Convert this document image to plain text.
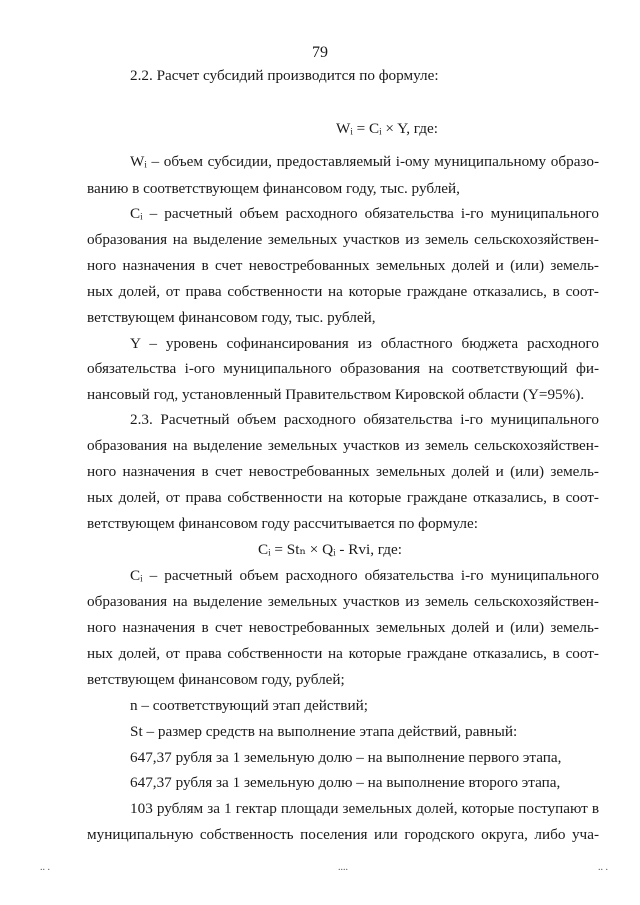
79
2.2. Расчет субсидий производится по формуле:
Wᵢ = Cᵢ × Y, где:
Wᵢ – объем субсидии, предоставляемый i-ому муниципальному образо-
ванию в соответствующем финансовом году, тыс. рублей,
Cᵢ – расчетный объем расходного обязательства i-го муниципального
образования на выделение земельных участков из земель сельскохозяйствен-
ного назначения в счет невостребованных земельных долей и (или) земель-
ных долей, от права собственности на которые граждане отказались, в соот-
ветствующем финансовом году, тыс. рублей,
Y – уровень софинансирования из областного бюджета расходного
обязательства i-ого муниципального образования на соответствующий фи-
нансовый год, установленный Правительством Кировской области (Y=95%).
2.3. Расчетный объем расходного обязательства i-го муниципального
образования на выделение земельных участков из земель сельскохозяйствен-
ного назначения в счет невостребованных земельных долей и (или) земель-
ных долей, от права собственности на которые граждане отказались, в соот-
ветствующем финансовом году рассчитывается по формуле:
Cᵢ = Stₙ × Qᵢ - Rvi, где:
Cᵢ – расчетный объем расходного обязательства i-го муниципального
образования на выделение земельных участков из земель сельскохозяйствен-
ного назначения в счет невостребованных земельных долей и (или) земель-
ных долей, от права собственности на которые граждане отказались, в соот-
ветствующем финансовом году, рублей;
n – соответствующий этап действий;
St – размер средств на выполнение этапа действий, равный:
647,37 рубля за 1 земельную долю – на выполнение первого этапа,
647,37 рубля за 1 земельную долю – на выполнение второго этапа,
103 рублям за 1 гектар площади земельных долей, которые поступают в
муниципальную собственность поселения или городского округа, либо уча-
.. .	....	.. .
